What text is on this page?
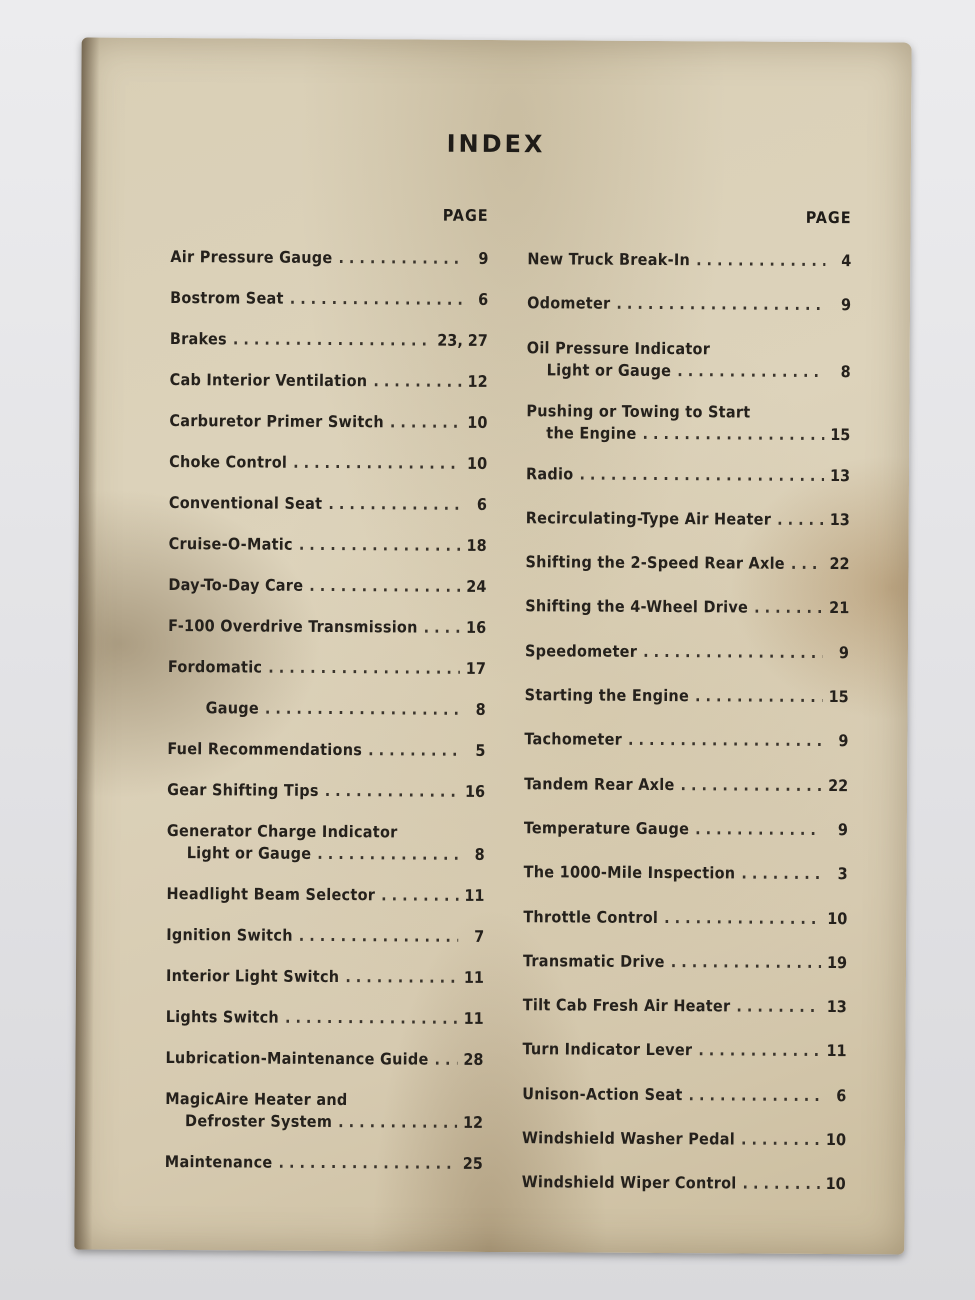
INDEX
PAGE
Air Pressure Gauge . . .	9
Bostrom Seat . . .	6
Brakes . . .	23, 27
Cab Interior Ventilation . . .	12
Carburetor Primer Switch . . .	10
Choke Control . . .	10
Conventional Seat . . .	6
Cruise-O-Matic . . .	18
Day-To-Day Care . . .	24
F-100 Overdrive Transmission . . .	16
Fordomatic . . .	17
Gauge . . .	8
Fuel Recommendations . . .	5
Gear Shifting Tips . . .	16
Generator Charge Indicator
Light or Gauge . . .	8
Headlight Beam Selector . . .	11
Ignition Switch . . .	7
Interior Light Switch . . .	11
Lights Switch . . .	11
Lubrication-Maintenance Guide . . . 28
MagicAire Heater and
Defroster System . . .	12
Maintenance . . .	25
PAGE
New Truck Break-In . . .	4
Odometer . . .	9
Oil Pressure Indicator
Light or Gauge . . .	8
Pushing or Towing to Start
the Engine . . .	15
Radio . . .	13
Recirculating-Type Air Heater . . .	13
Shifting the 2-Speed Rear Axle . . .	22
Shifting the 4-Wheel Drive . . .	21
Speedometer . . .	9
Starting the Engine . . .	15
Tachometer . . .	9
Tandem Rear Axle . . .	22
Temperature Gauge . . .	9
The 1000-Mile Inspection . . .	3
Throttle Control . . .	10
Transmatic Drive . . .	19
Tilt Cab Fresh Air Heater . . .	13
Turn Indicator Lever . . .	11
Unison-Action Seat . . .	6
Windshield Washer Pedal . . .	10
Windshield Wiper Control . . .	10
